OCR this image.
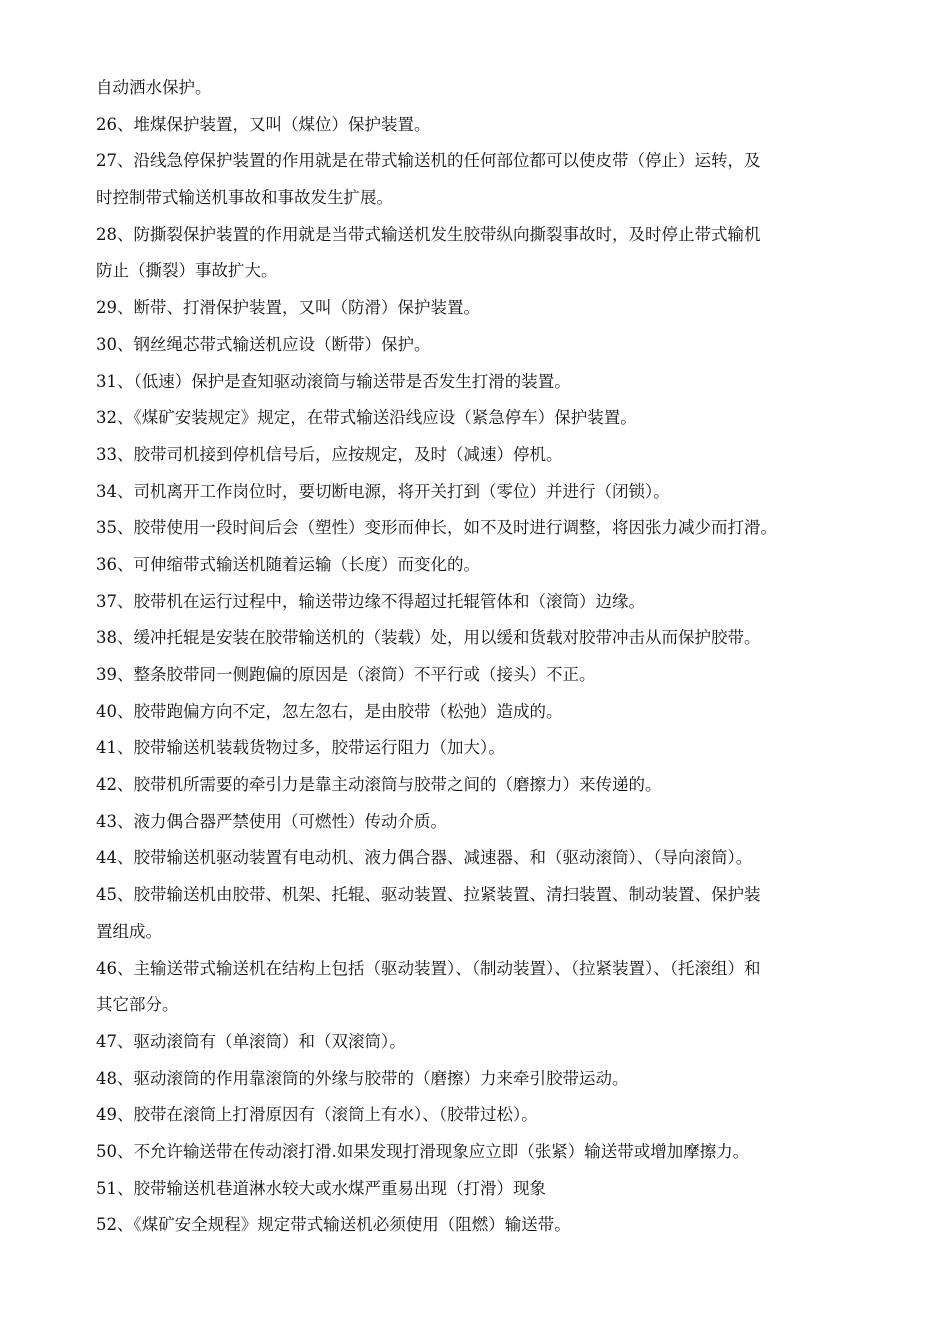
自动洒水保护。
26、堆煤保护装置，又叫（煤位）保护装置。
27、沿线急停保护装置的作用就是在带式输送机的任何部位都可以使皮带（停止）运转，及
时控制带式输送机事故和事故发生扩展。
28、防撕裂保护装置的作用就是当带式输送机发生胶带纵向撕裂事故时，及时停止带式输机
防止（撕裂）事故扩大。
29、断带、打滑保护装置，又叫（防滑）保护装置。
30、钢丝绳芯带式输送机应设（断带）保护。
31、（低速）保护是查知驱动滚筒与输送带是否发生打滑的装置。
32、《煤矿安装规定》规定，在带式输送沿线应设（紧急停车）保护装置。
33、胶带司机接到停机信号后，应按规定，及时（减速）停机。
34、司机离开工作岗位时，要切断电源，将开关打到（零位）并进行（闭锁）。
35、胶带使用一段时间后会（塑性）变形而伸长，如不及时进行调整，将因张力减少而打滑。
36、可伸缩带式输送机随着运输（长度）而变化的。
37、胶带机在运行过程中，输送带边缘不得超过托辊管体和（滚筒）边缘。
38、缓冲托辊是安装在胶带输送机的（装载）处，用以缓和货载对胶带冲击从而保护胶带。
39、整条胶带同一侧跑偏的原因是（滚筒）不平行或（接头）不正。
40、胶带跑偏方向不定，忽左忽右，是由胶带（松弛）造成的。
41、胶带输送机装载货物过多，胶带运行阻力（加大）。
42、胶带机所需要的牵引力是靠主动滚筒与胶带之间的（磨擦力）来传递的。
43、液力偶合器严禁使用（可燃性）传动介质。
44、胶带输送机驱动装置有电动机、液力偶合器、减速器、和（驱动滚筒）、（导向滚筒）。
45、胶带输送机由胶带、机架、托辊、驱动装置、拉紧装置、清扫装置、制动装置、保护装
置组成。
46、主输送带式输送机在结构上包括（驱动装置）、（制动装置）、（拉紧装置）、（托滚组）和
其它部分。
47、驱动滚筒有（单滚筒）和（双滚筒）。
48、驱动滚筒的作用靠滚筒的外缘与胶带的（磨擦）力来牵引胶带运动。
49、胶带在滚筒上打滑原因有（滚筒上有水）、（胶带过松）。
50、不允许输送带在传动滚打滑.如果发现打滑现象应立即（张紧）输送带或增加摩擦力。
51、胶带输送机巷道淋水较大或水煤严重易出现（打滑）现象
52、《煤矿安全规程》规定带式输送机必须使用（阻燃）输送带。
